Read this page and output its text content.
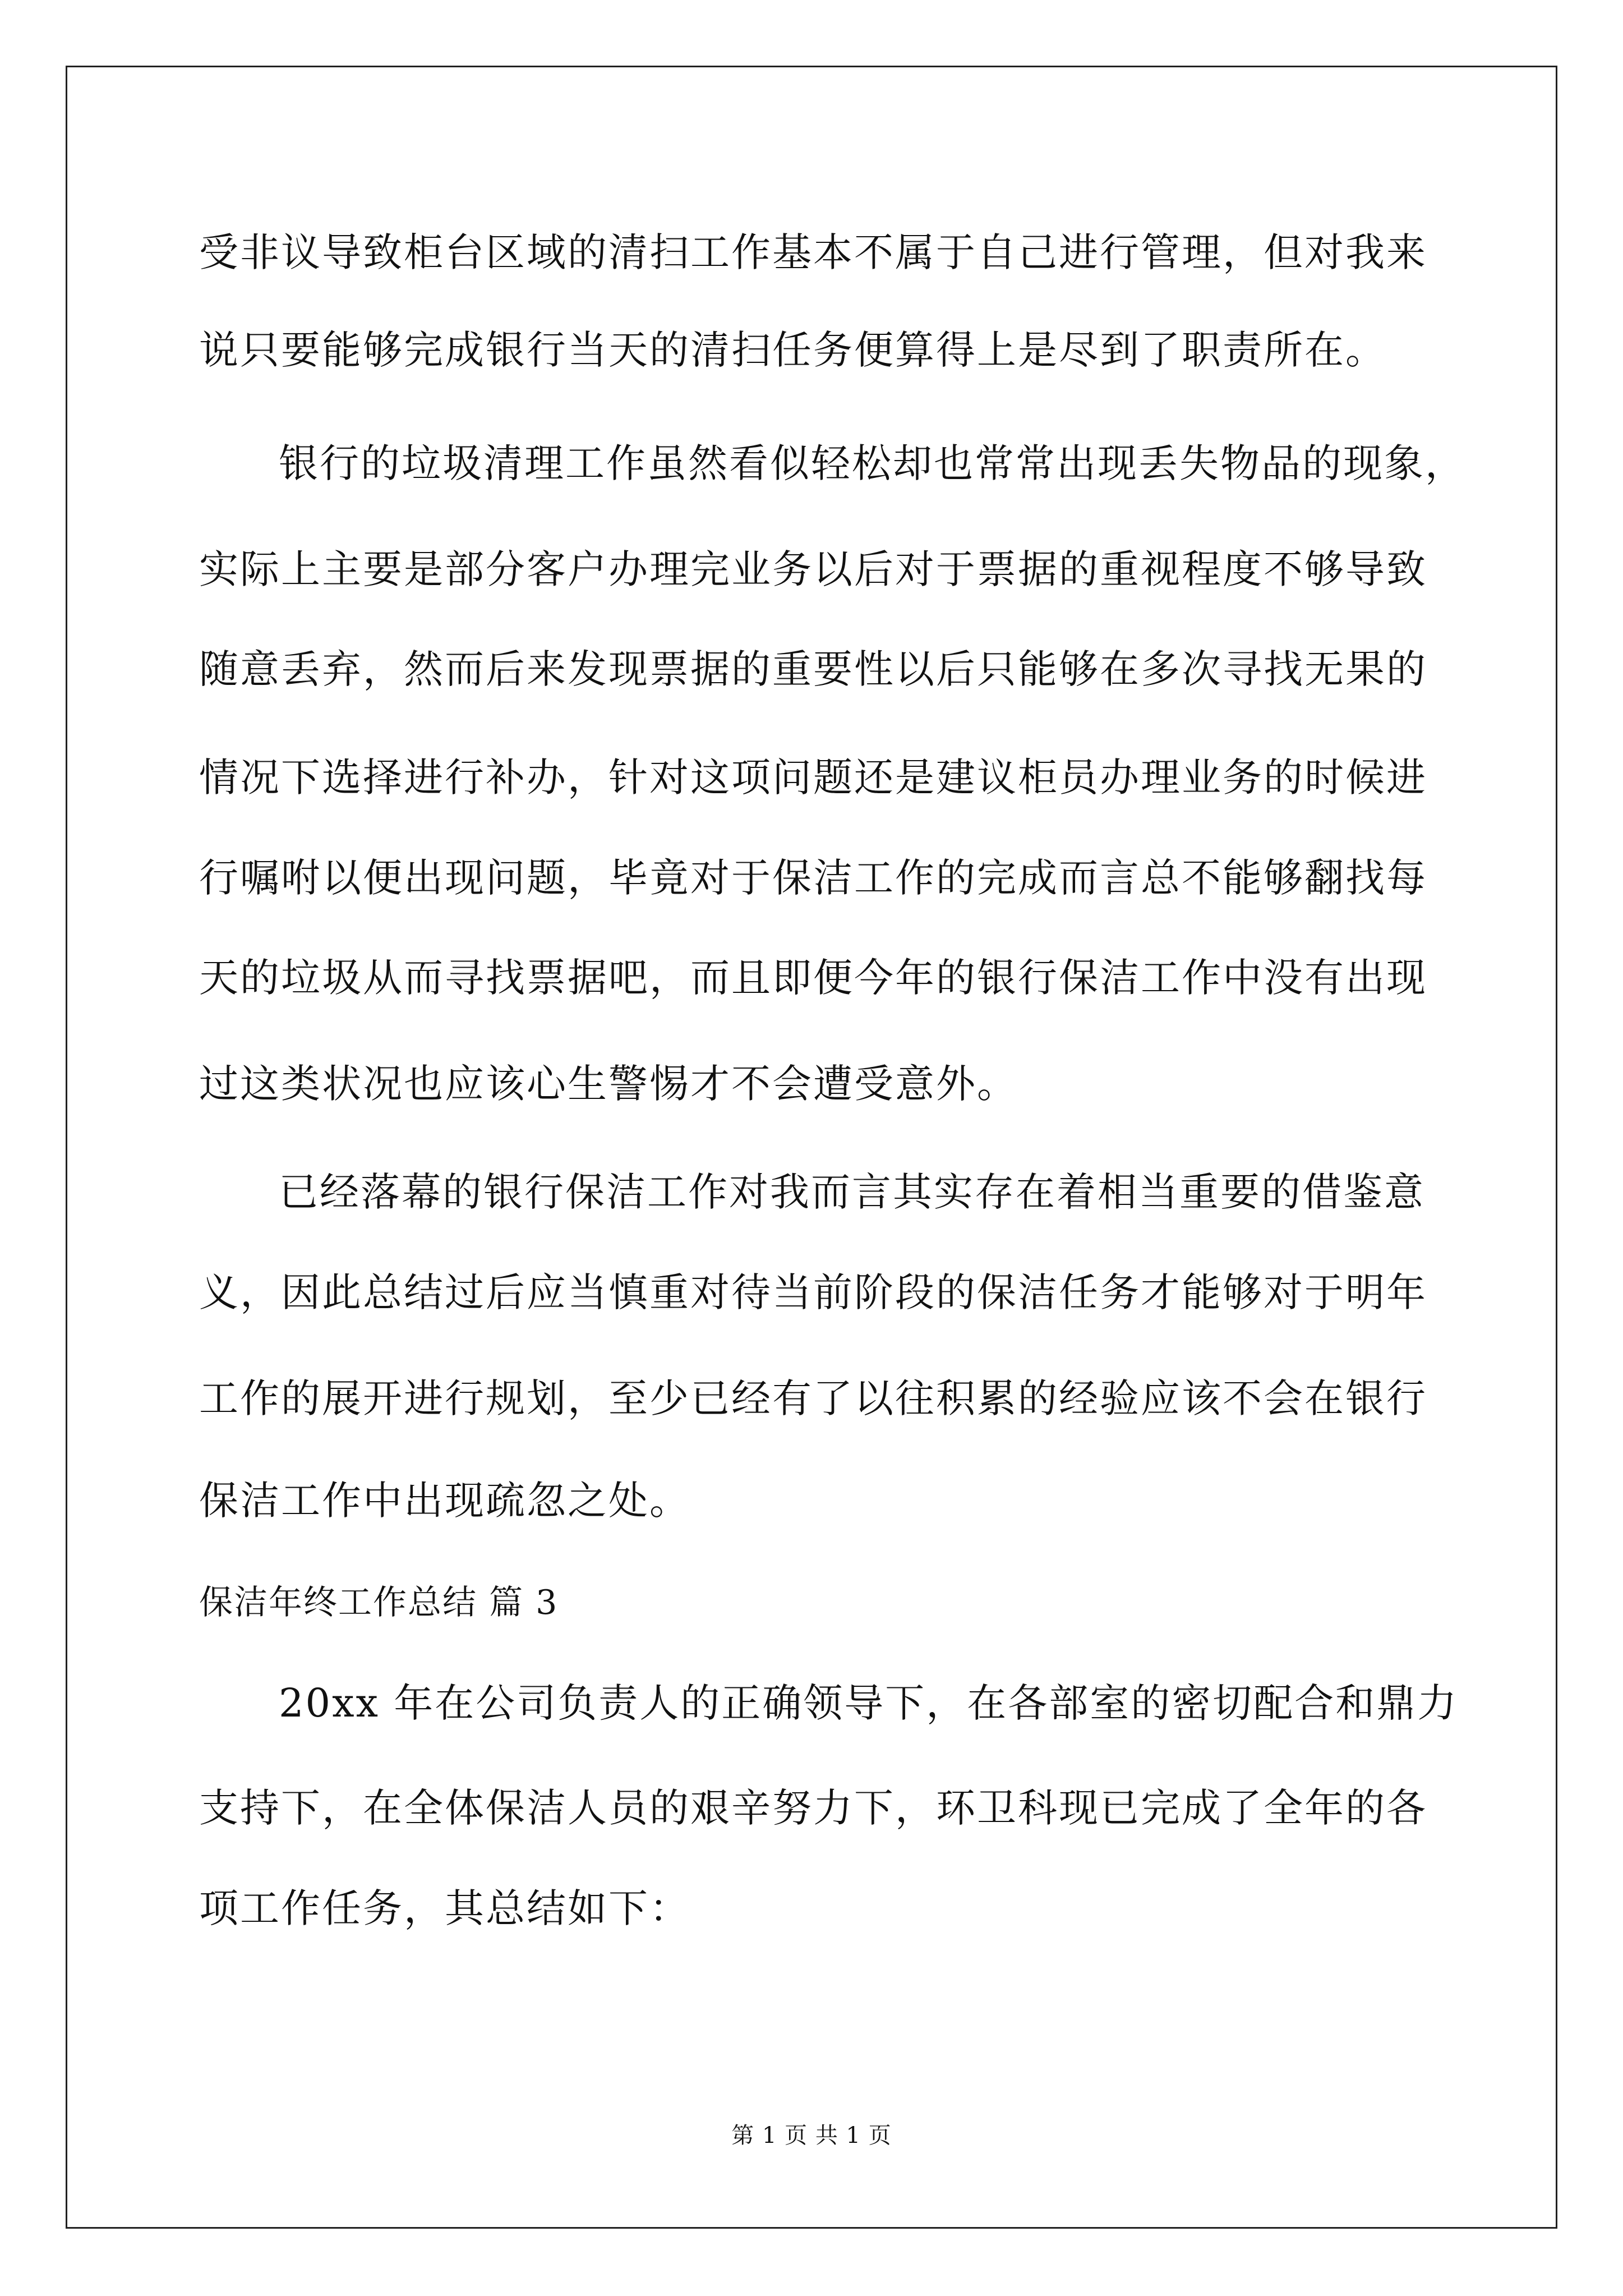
受非议导致柜台区域的清扫工作基本不属于自己进行管理，但对我来
说只要能够完成银行当天的清扫任务便算得上是尽到了职责所在。
银行的垃圾清理工作虽然看似轻松却也常常出现丢失物品的现象，
实际上主要是部分客户办理完业务以后对于票据的重视程度不够导致
随意丢弃，然而后来发现票据的重要性以后只能够在多次寻找无果的
情况下选择进行补办，针对这项问题还是建议柜员办理业务的时候进
行嘱咐以便出现问题，毕竟对于保洁工作的完成而言总不能够翻找每
天的垃圾从而寻找票据吧，而且即便今年的银行保洁工作中没有出现
过这类状况也应该心生警惕才不会遭受意外。
已经落幕的银行保洁工作对我而言其实存在着相当重要的借鉴意
义，因此总结过后应当慎重对待当前阶段的保洁任务才能够对于明年
工作的展开进行规划，至少已经有了以往积累的经验应该不会在银行
保洁工作中出现疏忽之处。
保洁年终工作总结 篇 3
20xx 年在公司负责人的正确领导下，在各部室的密切配合和鼎力
支持下，在全体保洁人员的艰辛努力下，环卫科现已完成了全年的各
项工作任务，其总结如下：
第 1 页 共 1 页
